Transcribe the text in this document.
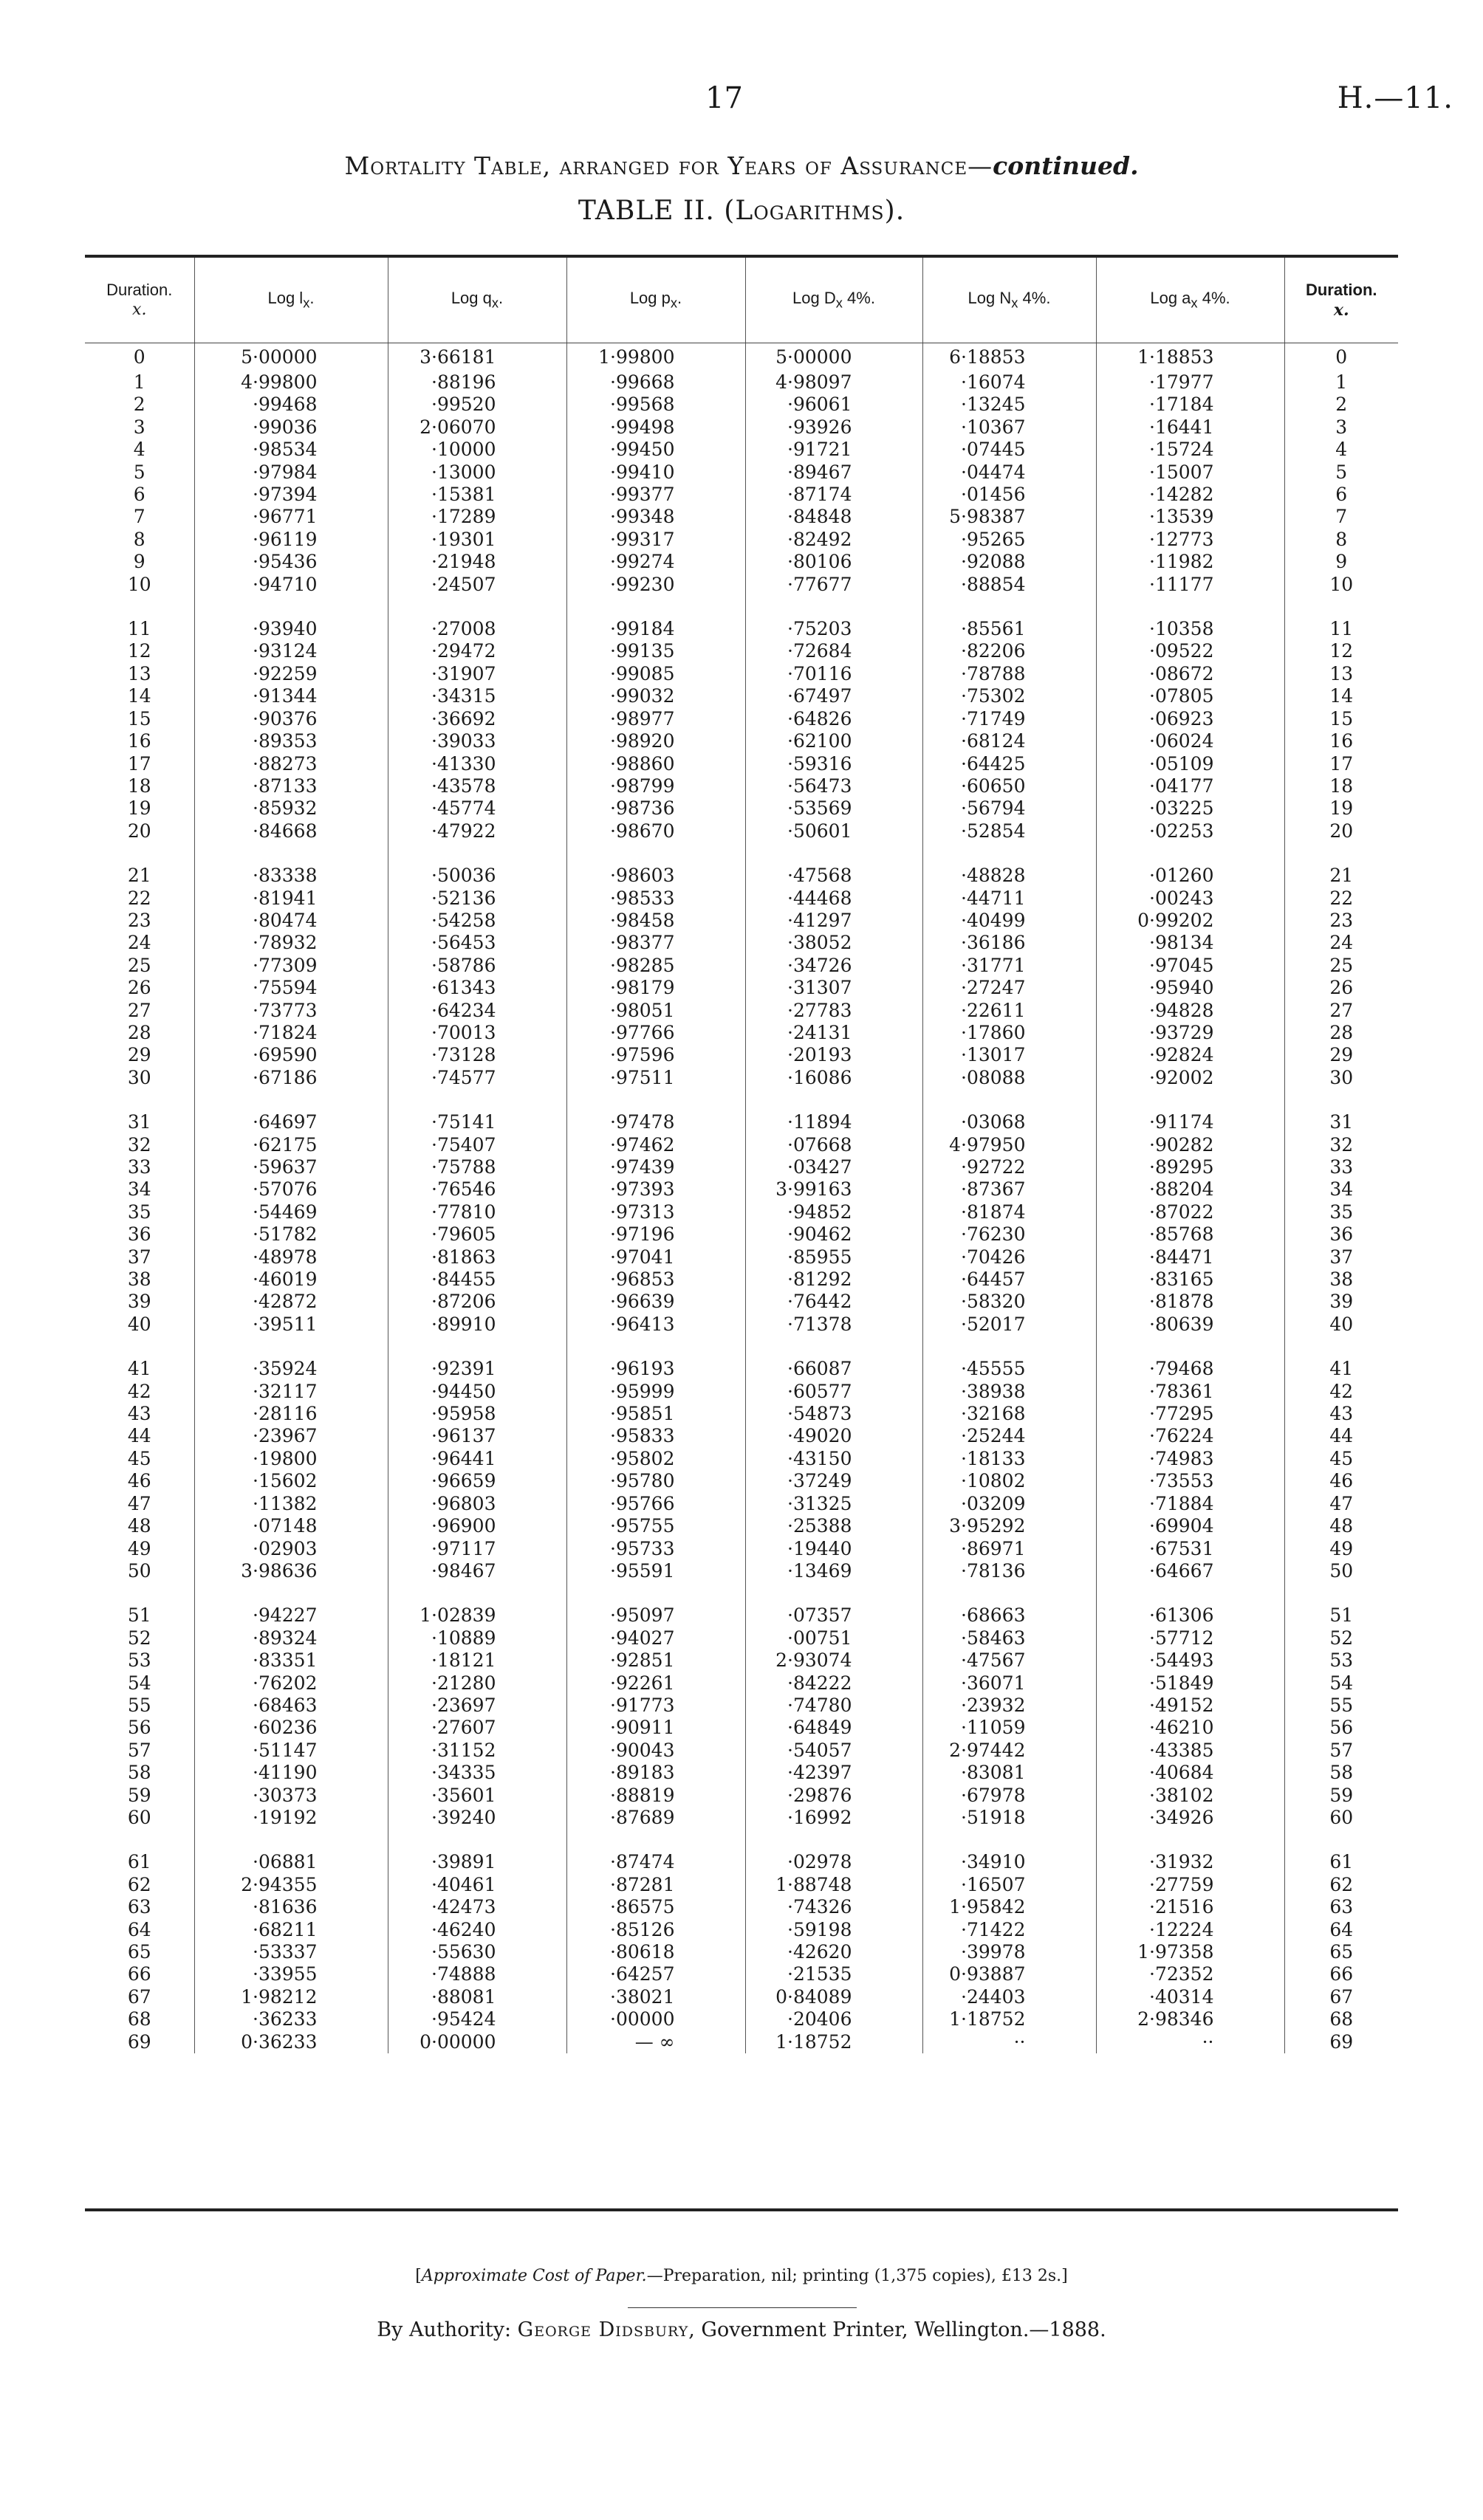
17	H.—11.
Mortality Table, arranged for Years of Assurance—continued.
TABLE II. (Logarithms).
Duration.
x.	Log $l_x$.	Log $q_x$.	Log $p_x$.	Log $D_x$ 4%.	Log $N_x$ 4%.	Log $a_x$ 4%.	Duration.
x.
0	5·00000	3·66181	1·99800	5·00000	6·18853	1·18853	0
1	4·99800	·88196	·99668	4·98097	·16074	·17977	1
2	·99468	·99520	·99568	·96061	·13245	·17184	2
3	·99036	2·06070	·99498	·93926	·10367	·16441	3
4	·98534	·10000	·99450	·91721	·07445	·15724	4
5	·97984	·13000	·99410	·89467	·04474	·15007	5
6	·97394	·15381	·99377	·87174	·01456	·14282	6
7	·96771	·17289	·99348	·84848	5·98387	·13539	7
8	·96119	·19301	·99317	·82492	·95265	·12773	8
9	·95436	·21948	·99274	·80106	·92088	·11982	9
10	·94710	·24507	·99230	·77677	·88854	·11177	10

11	·93940	·27008	·99184	·75203	·85561	·10358	11
12	·93124	·29472	·99135	·72684	·82206	·09522	12
13	·92259	·31907	·99085	·70116	·78788	·08672	13
14	·91344	·34315	·99032	·67497	·75302	·07805	14
15	·90376	·36692	·98977	·64826	·71749	·06923	15
16	·89353	·39033	·98920	·62100	·68124	·06024	16
17	·88273	·41330	·98860	·59316	·64425	·05109	17
18	·87133	·43578	·98799	·56473	·60650	·04177	18
19	·85932	·45774	·98736	·53569	·56794	·03225	19
20	·84668	·47922	·98670	·50601	·52854	·02253	20

21	·83338	·50036	·98603	·47568	·48828	·01260	21
22	·81941	·52136	·98533	·44468	·44711	·00243	22
23	·80474	·54258	·98458	·41297	·40499	0·99202	23
24	·78932	·56453	·98377	·38052	·36186	·98134	24
25	·77309	·58786	·98285	·34726	·31771	·97045	25
26	·75594	·61343	·98179	·31307	·27247	·95940	26
27	·73773	·64234	·98051	·27783	·22611	·94828	27
28	·71824	·70013	·97766	·24131	·17860	·93729	28
29	·69590	·73128	·97596	·20193	·13017	·92824	29
30	·67186	·74577	·97511	·16086	·08088	·92002	30

31	·64697	·75141	·97478	·11894	·03068	·91174	31
32	·62175	·75407	·97462	·07668	4·97950	·90282	32
33	·59637	·75788	·97439	·03427	·92722	·89295	33
34	·57076	·76546	·97393	3·99163	·87367	·88204	34
35	·54469	·77810	·97313	·94852	·81874	·87022	35
36	·51782	·79605	·97196	·90462	·76230	·85768	36
37	·48978	·81863	·97041	·85955	·70426	·84471	37
38	·46019	·84455	·96853	·81292	·64457	·83165	38
39	·42872	·87206	·96639	·76442	·58320	·81878	39
40	·39511	·89910	·96413	·71378	·52017	·80639	40

41	·35924	·92391	·96193	·66087	·45555	·79468	41
42	·32117	·94450	·95999	·60577	·38938	·78361	42
43	·28116	·95958	·95851	·54873	·32168	·77295	43
44	·23967	·96137	·95833	·49020	·25244	·76224	44
45	·19800	·96441	·95802	·43150	·18133	·74983	45
46	·15602	·96659	·95780	·37249	·10802	·73553	46
47	·11382	·96803	·95766	·31325	·03209	·71884	47
48	·07148	·96900	·95755	·25388	3·95292	·69904	48
49	·02903	·97117	·95733	·19440	·86971	·67531	49
50	3·98636	·98467	·95591	·13469	·78136	·64667	50

51	·94227	1·02839	·95097	·07357	·68663	·61306	51
52	·89324	·10889	·94027	·00751	·58463	·57712	52
53	·83351	·18121	·92851	2·93074	·47567	·54493	53
54	·76202	·21280	·92261	·84222	·36071	·51849	54
55	·68463	·23697	·91773	·74780	·23932	·49152	55
56	·60236	·27607	·90911	·64849	·11059	·46210	56
57	·51147	·31152	·90043	·54057	2·97442	·43385	57
58	·41190	·34335	·89183	·42397	·83081	·40684	58
59	·30373	·35601	·88819	·29876	·67978	·38102	59
60	·19192	·39240	·87689	·16992	·51918	·34926	60

61	·06881	·39891	·87474	·02978	·34910	·31932	61
62	2·94355	·40461	·87281	1·88748	·16507	·27759	62
63	·81636	·42473	·86575	·74326	1·95842	·21516	63
64	·68211	·46240	·85126	·59198	·71422	·12224	64
65	·53337	·55630	·80618	·42620	·39978	1·97358	65
66	·33955	·74888	·64257	·21535	0·93887	·72352	66
67	1·98212	·88081	·38021	0·84089	·24403	·40314	67
68	·36233	·95424	·00000	·20406	1·18752	2·98346	68
69	0·36233	0·00000	— ∞	1·18752	··	··	69
[Approximate Cost of Paper.—Preparation, nil; printing (1,375 copies), £13 2s.]
By Authority: George Didsbury, Government Printer, Wellington.—1888.
